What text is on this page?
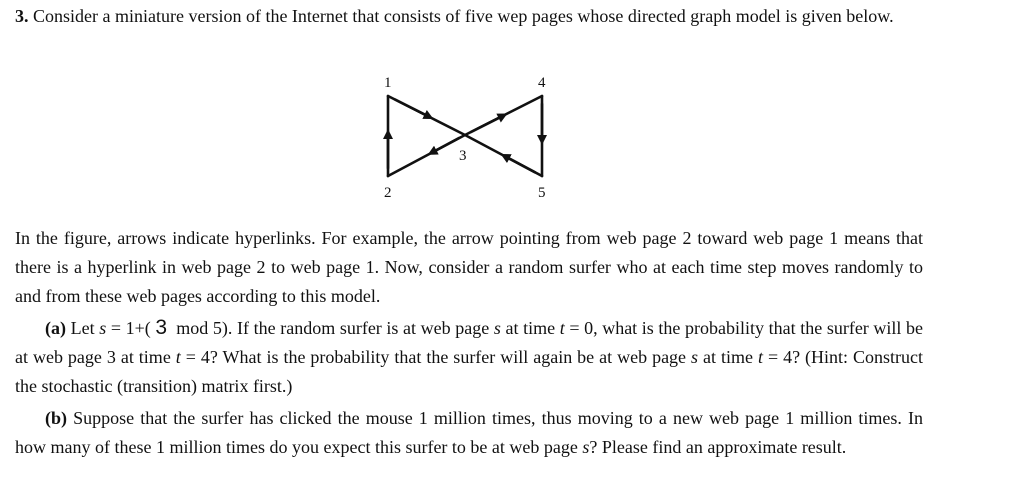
3. Consider a miniature version of the Internet that consists of five wep pages whose directed graph model is given below.
1	4
3
2	5
In the figure, arrows indicate hyperlinks. For example, the arrow pointing from web page 2 toward web page 1 means that there is a hyperlink in web page 2 to web page 1. Now, consider a random surfer who at each time step moves randomly to and from these web pages according to this model.
(a) Let s = 1+( 3  mod 5). If the random surfer is at web page s at time t = 0, what is the probability that the surfer will be at web page 3 at time t = 4? What is the probability that the surfer will again be at web page s at time t = 4? (Hint: Construct the stochastic (transition) matrix first.)
(b) Suppose that the surfer has clicked the mouse 1 million times, thus moving to a new web page 1 million times. In how many of these 1 million times do you expect this surfer to be at web page s? Please find an approximate result.
